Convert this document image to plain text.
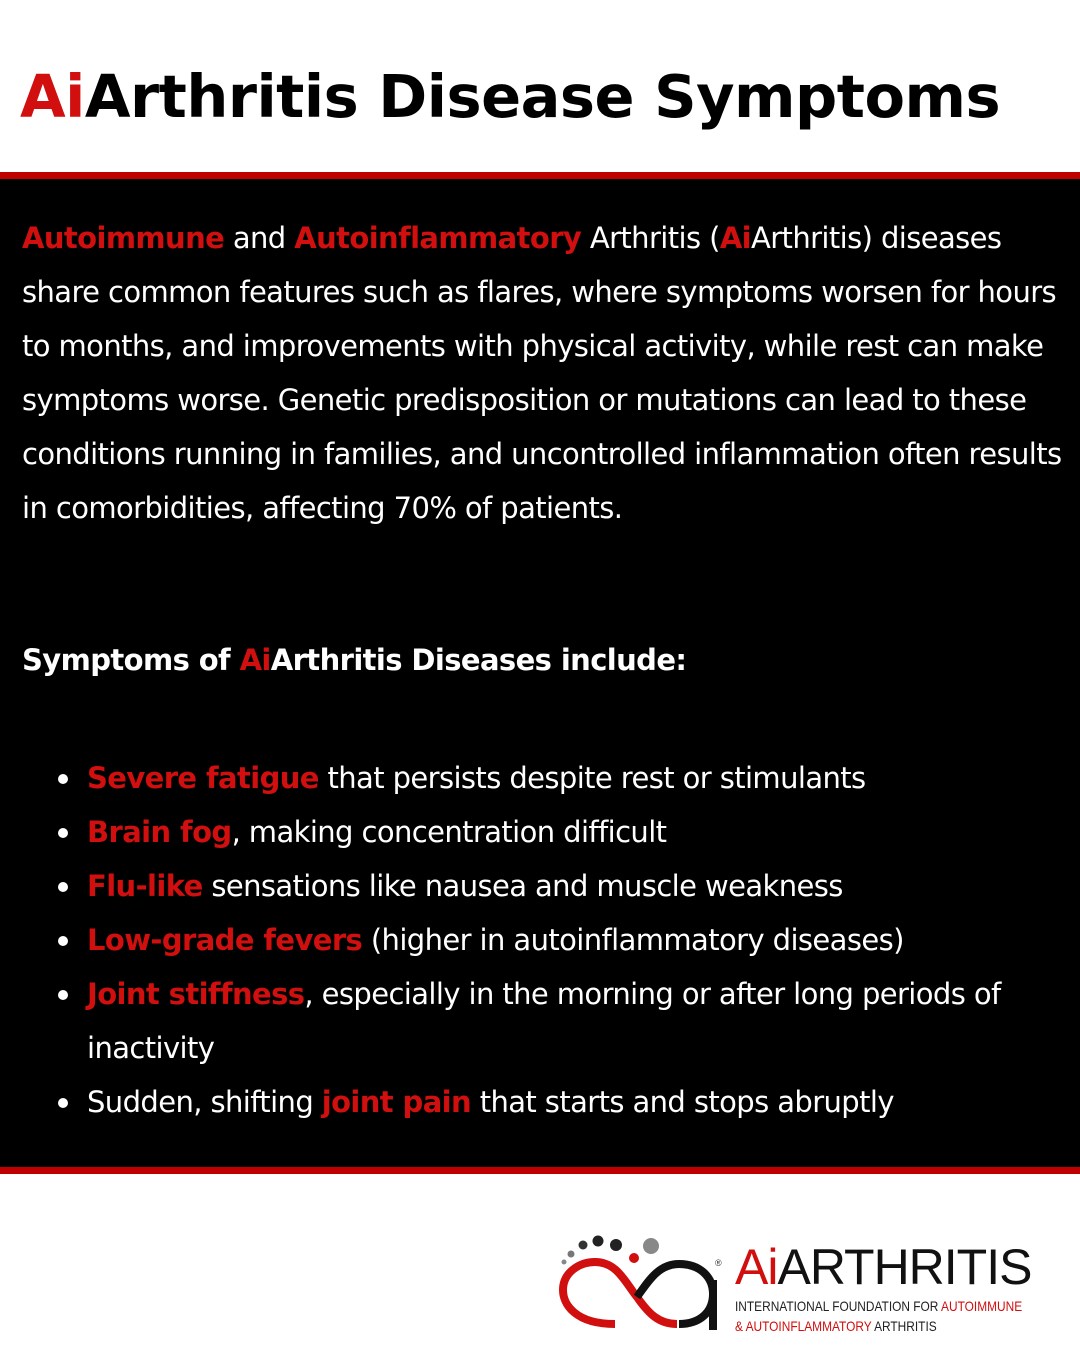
AiArthritis Disease Symptoms
Autoimmune and Autoinflammatory Arthritis (AiArthritis) diseases share common features such as flares, where symptoms worsen for hours to months, and improvements with physical activity, while rest can make symptoms worse. Genetic predisposition or mutations can lead to these conditions running in families, and uncontrolled inflammation often results in comorbidities, affecting 70% of patients.
Symptoms of AiArthritis Diseases include:
Severe fatigue that persists despite rest or stimulants
Brain fog, making concentration difficult
Flu-like sensations like nausea and muscle weakness
Low-grade fevers (higher in autoinflammatory diseases)
Joint stiffness, especially in the morning or after long periods of inactivity
Sudden, shifting joint pain that starts and stops abruptly
® AiARTHRITIS
INTERNATIONAL FOUNDATION FOR AUTOIMMUNE
& AUTOINFLAMMATORY ARTHRITIS
